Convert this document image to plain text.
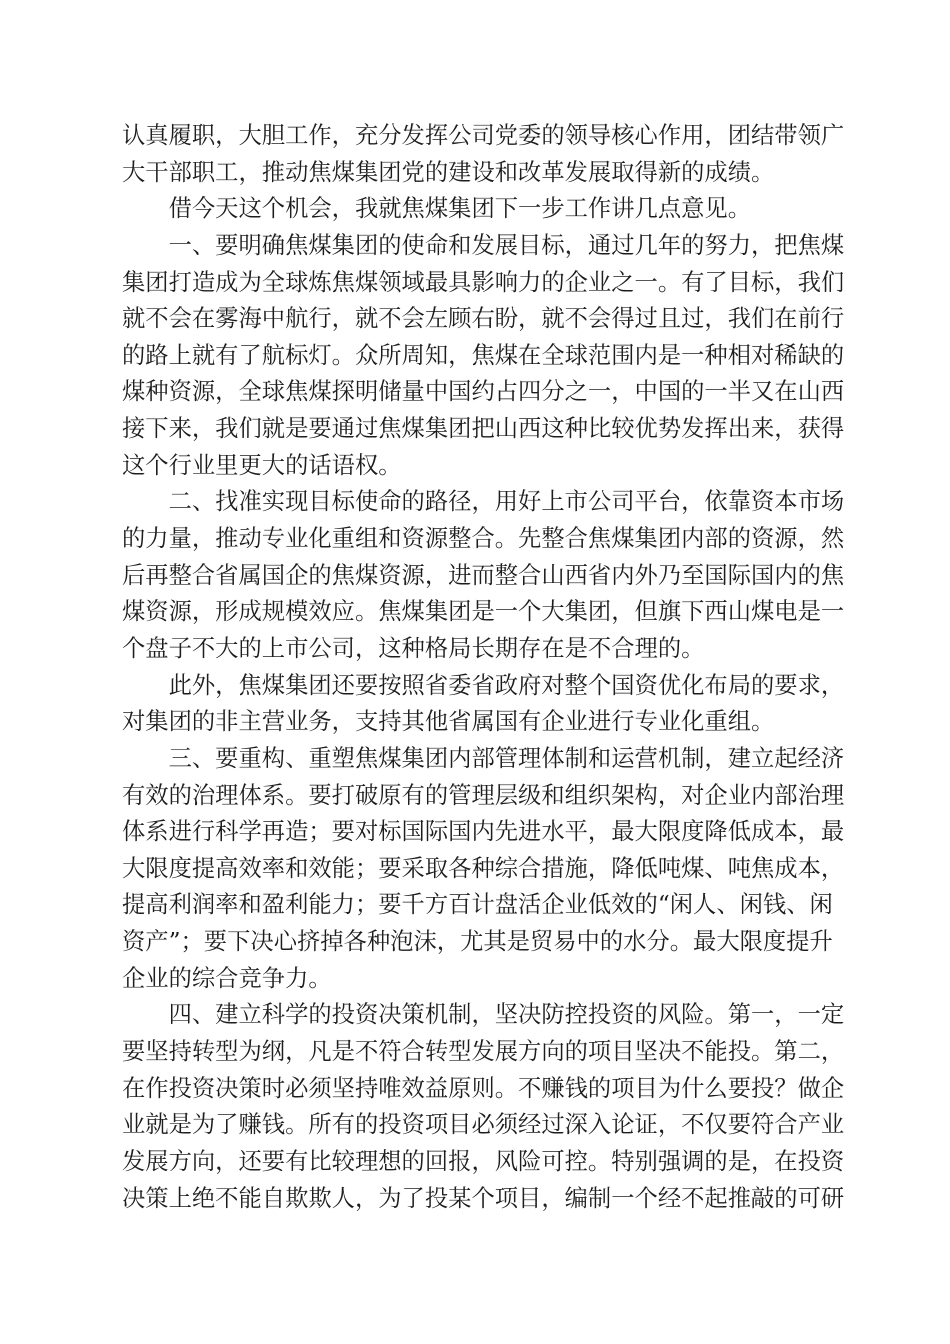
认真履职，大胆工作，充分发挥公司党委的领导核心作用，团结带领广
大干部职工，推动焦煤集团党的建设和改革发展取得新的成绩。
借今天这个机会，我就焦煤集团下一步工作讲几点意见。
一、要明确焦煤集团的使命和发展目标，通过几年的努力，把焦煤
集团打造成为全球炼焦煤领域最具影响力的企业之一。有了目标，我们
就不会在雾海中航行，就不会左顾右盼，就不会得过且过，我们在前行
的路上就有了航标灯。众所周知，焦煤在全球范围内是一种相对稀缺的
煤种资源，全球焦煤探明储量中国约占四分之一，中国的一半又在山西
接下来，我们就是要通过焦煤集团把山西这种比较优势发挥出来，获得
这个行业里更大的话语权。
二、找准实现目标使命的路径，用好上市公司平台，依靠资本市场
的力量，推动专业化重组和资源整合。先整合焦煤集团内部的资源，然
后再整合省属国企的焦煤资源，进而整合山西省内外乃至国际国内的焦
煤资源，形成规模效应。焦煤集团是一个大集团，但旗下西山煤电是一
个盘子不大的上市公司，这种格局长期存在是不合理的。
此外，焦煤集团还要按照省委省政府对整个国资优化布局的要求，
对集团的非主营业务，支持其他省属国有企业进行专业化重组。
三、要重构、重塑焦煤集团内部管理体制和运营机制，建立起经济
有效的治理体系。要打破原有的管理层级和组织架构，对企业内部治理
体系进行科学再造；要对标国际国内先进水平，最大限度降低成本，最
大限度提高效率和效能；要采取各种综合措施，降低吨煤、吨焦成本，
提高利润率和盈利能力；要千方百计盘活企业低效的“闲人、闲钱、闲
资产”；要下决心挤掉各种泡沫，尤其是贸易中的水分。最大限度提升
企业的综合竞争力。
四、建立科学的投资决策机制，坚决防控投资的风险。第一，一定
要坚持转型为纲，凡是不符合转型发展方向的项目坚决不能投。第二，
在作投资决策时必须坚持唯效益原则。不赚钱的项目为什么要投？做企
业就是为了赚钱。所有的投资项目必须经过深入论证，不仅要符合产业
发展方向，还要有比较理想的回报，风险可控。特别强调的是，在投资
决策上绝不能自欺欺人，为了投某个项目，编制一个经不起推敲的可研
